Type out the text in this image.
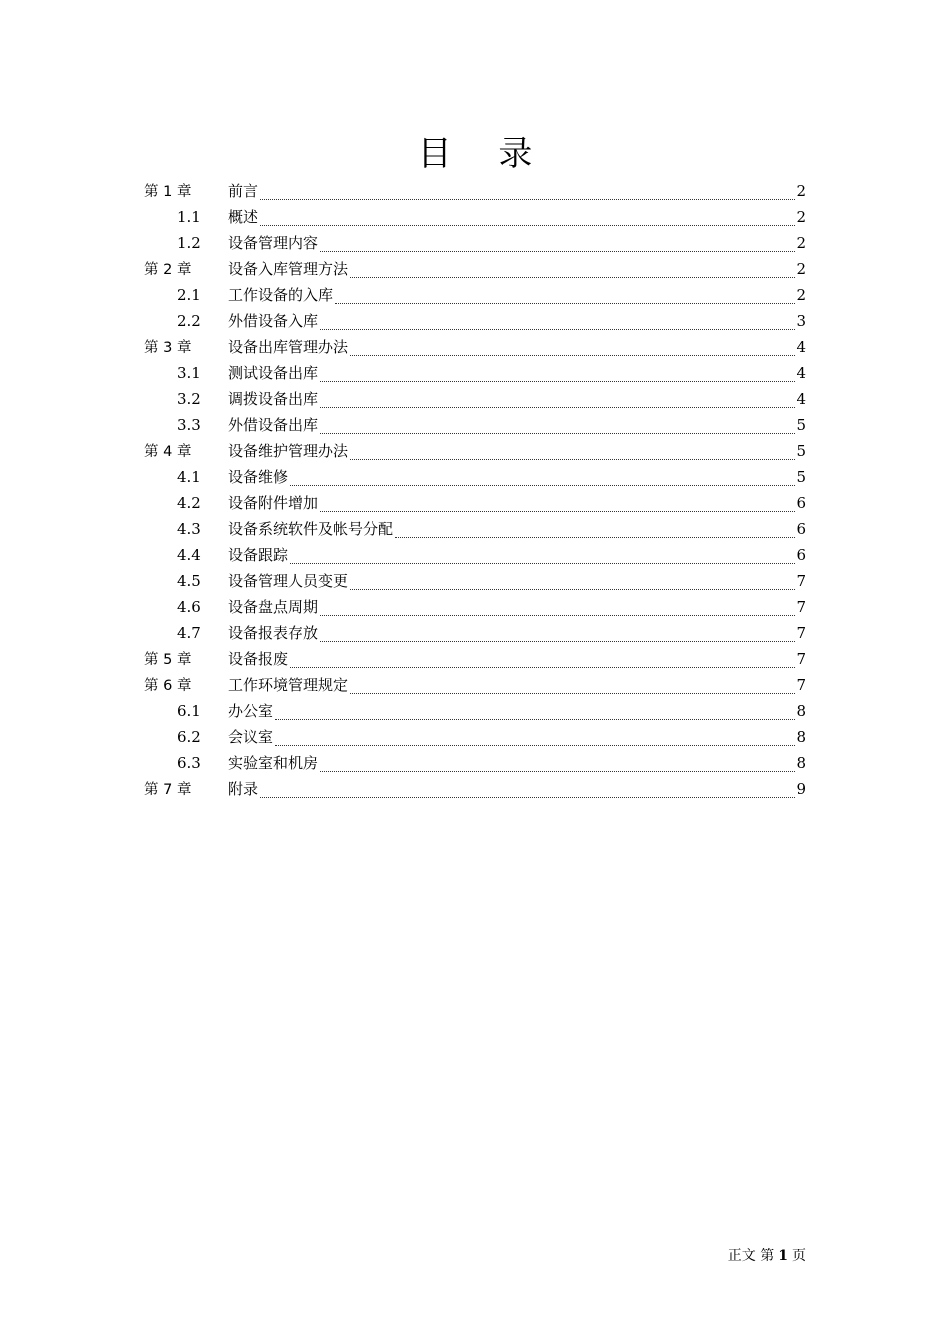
目 录
第 1 章	前言	2
1.1	概述	2
1.2	设备管理内容	2
第 2 章	设备入库管理方法	2
2.1	工作设备的入库	2
2.2	外借设备入库	3
第 3 章	设备出库管理办法	4
3.1	测试设备出库	4
3.2	调拨设备出库	4
3.3	外借设备出库	5
第 4 章	设备维护管理办法	5
4.1	设备维修	5
4.2	设备附件增加	6
4.3	设备系统软件及帐号分配	6
4.4	设备跟踪	6
4.5	设备管理人员变更	7
4.6	设备盘点周期	7
4.7	设备报表存放	7
第 5 章	设备报废	7
第 6 章	工作环境管理规定	7
6.1	办公室	8
6.2	会议室	8
6.3	实验室和机房	8
第 7 章	附录	9
正文 第 1 页
